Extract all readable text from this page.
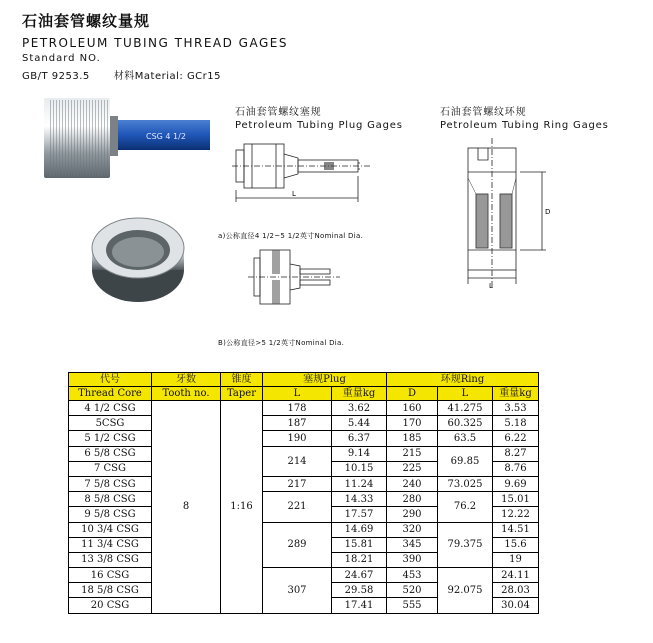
石油套管螺纹量规
PETROLEUM TUBING THREAD GAGES
Standard NO.
GB/T 9253.5 材料Material: GCr15
CSG 4 1/2
石油套管螺纹塞规
Petroleum Tubing Plug Gages
L
a)公称直径4 1/2~5 1/2英寸Nominal Dia.
B)公称直径>5 1/2英寸Nominal Dia.
石油套管螺纹环规
Petroleum Tubing Ring Gages
L
D
代号	牙数	锥度	塞规Plug		环规Ring		
Thread Core	Tooth no.	Taper	L	重量kg	D	L	重量kg
4 1/2 CSG	8	1:16	178	3.62	160	41.275	3.53
5CSG			187	5.44	170	60.325	5.18
5 1/2 CSG			190	6.37	185	63.5	6.22
6 5/8 CSG			214	9.14	215	69.85	8.27
7 CSG				10.15	225		8.76
7 5/8 CSG			217	11.24	240	73.025	9.69
8 5/8 CSG			221	14.33	280	76.2	15.01
9 5/8 CSG				17.57	290		12.22
10 3/4 CSG			289	14.69	320	79.375	14.51
11 3/4 CSG				15.81	345		15.6
13 3/8 CSG				18.21	390		19
16 CSG			307	24.67	453	92.075	24.11
18 5/8 CSG				29.58	520		28.03
20 CSG				17.41	555		30.04
